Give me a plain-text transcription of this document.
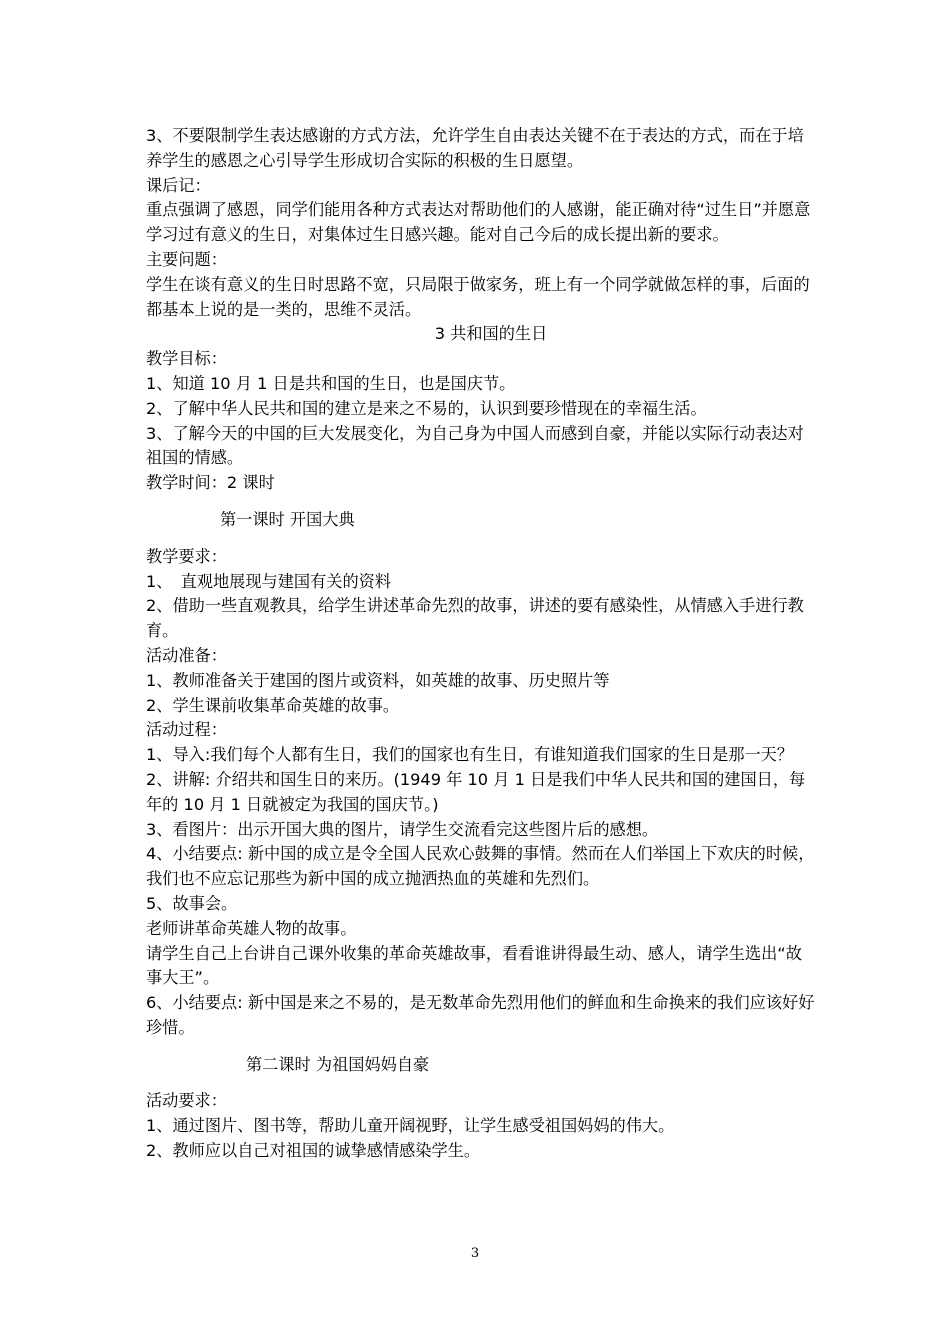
3、不要限制学生表达感谢的方式方法，允许学生自由表达关键不在于表达的方式，而在于培养学生的感恩之心引导学生形成切合实际的积极的生日愿望。

课后记：

重点强调了感恩，同学们能用各种方式表达对帮助他们的人感谢，能正确对待“过生日”并愿意学习过有意义的生日，对集体过生日感兴趣。能对自己今后的成长提出新的要求。

主要问题：

学生在谈有意义的生日时思路不宽，只局限于做家务，班上有一个同学就做怎样的事，后面的都基本上说的是一类的，思维不灵活。

3 共和国的生日

教学目标：

1、知道 10 月 1 日是共和国的生日，也是国庆节。

2、了解中华人民共和国的建立是来之不易的，认识到要珍惜现在的幸福生活。

3、了解今天的中国的巨大发展变化，为自己身为中国人而感到自豪，并能以实际行动表达对祖国的情感。

教学时间：2 课时

第一课时 开国大典

教学要求：

1、　直观地展现与建国有关的资料

2、借助一些直观教具，给学生讲述革命先烈的故事，讲述的要有感染性，从情感入手进行教育。

活动准备：

1、教师准备关于建国的图片或资料，如英雄的故事、历史照片等

2、学生课前收集革命英雄的故事。

活动过程：

1、导入:我们每个人都有生日，我们的国家也有生日，有谁知道我们国家的生日是那一天？

2、讲解: 介绍共和国生日的来历。(1949 年 10 月 1 日是我们中华人民共和国的建国日，每年的 10 月 1 日就被定为我国的国庆节。)

3、看图片：出示开国大典的图片，请学生交流看完这些图片后的感想。

4、小结要点: 新中国的成立是令全国人民欢心鼓舞的事情。然而在人们举国上下欢庆的时候，我们也不应忘记那些为新中国的成立抛洒热血的英雄和先烈们。

5、故事会。

老师讲革命英雄人物的故事。

请学生自己上台讲自己课外收集的革命英雄故事，看看谁讲得最生动、感人，请学生选出“故事大王”。

6、小结要点: 新中国是来之不易的，是无数革命先烈用他们的鲜血和生命换来的我们应该好好珍惜。

第二课时 为祖国妈妈自豪

活动要求：

1、通过图片、图书等，帮助儿童开阔视野，让学生感受祖国妈妈的伟大。

2、教师应以自己对祖国的诚挚感情感染学生。

3
